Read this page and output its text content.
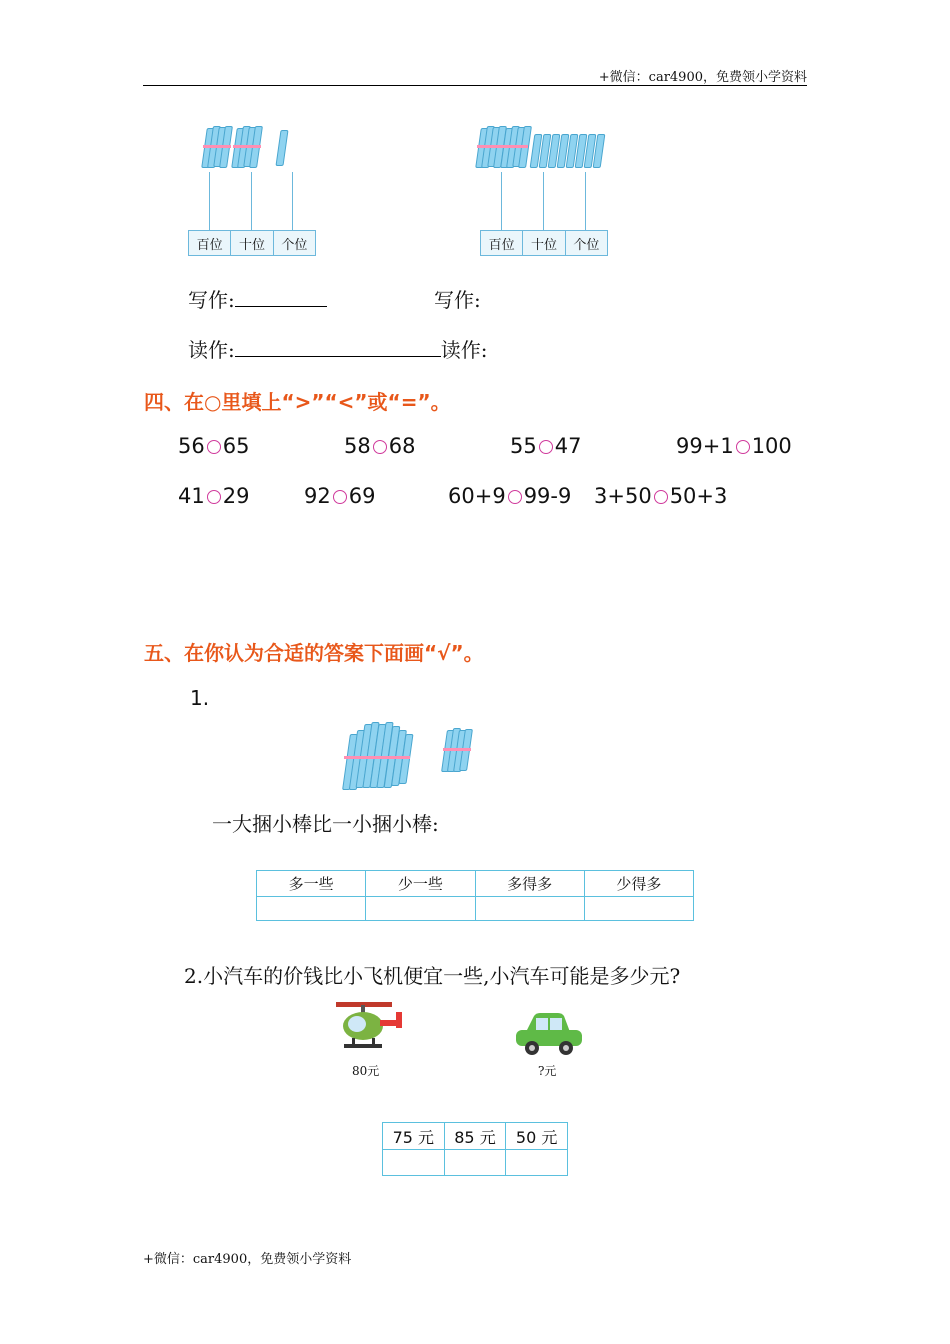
+微信：car4900，免费领小学资料
百位	十位	个位	百位	十位	个位
写作:	写作:
读作:	读作:
四、在○里填上“>”“<”或“=”。
56 65	58 68	55 47	99+1 100
41 29	92 69	60+9 99-9 3+50 50+3
五、在你认为合适的答案下面画“√”。
1.
一大捆小棒比一小捆小棒:
多一些	少一些	多得多	少得多

2.小汽车的价钱比小飞机便宜一些,小汽车可能是多少元?
80元	?元
75 元	85 元	50 元

+微信：car4900，免费领小学资料
